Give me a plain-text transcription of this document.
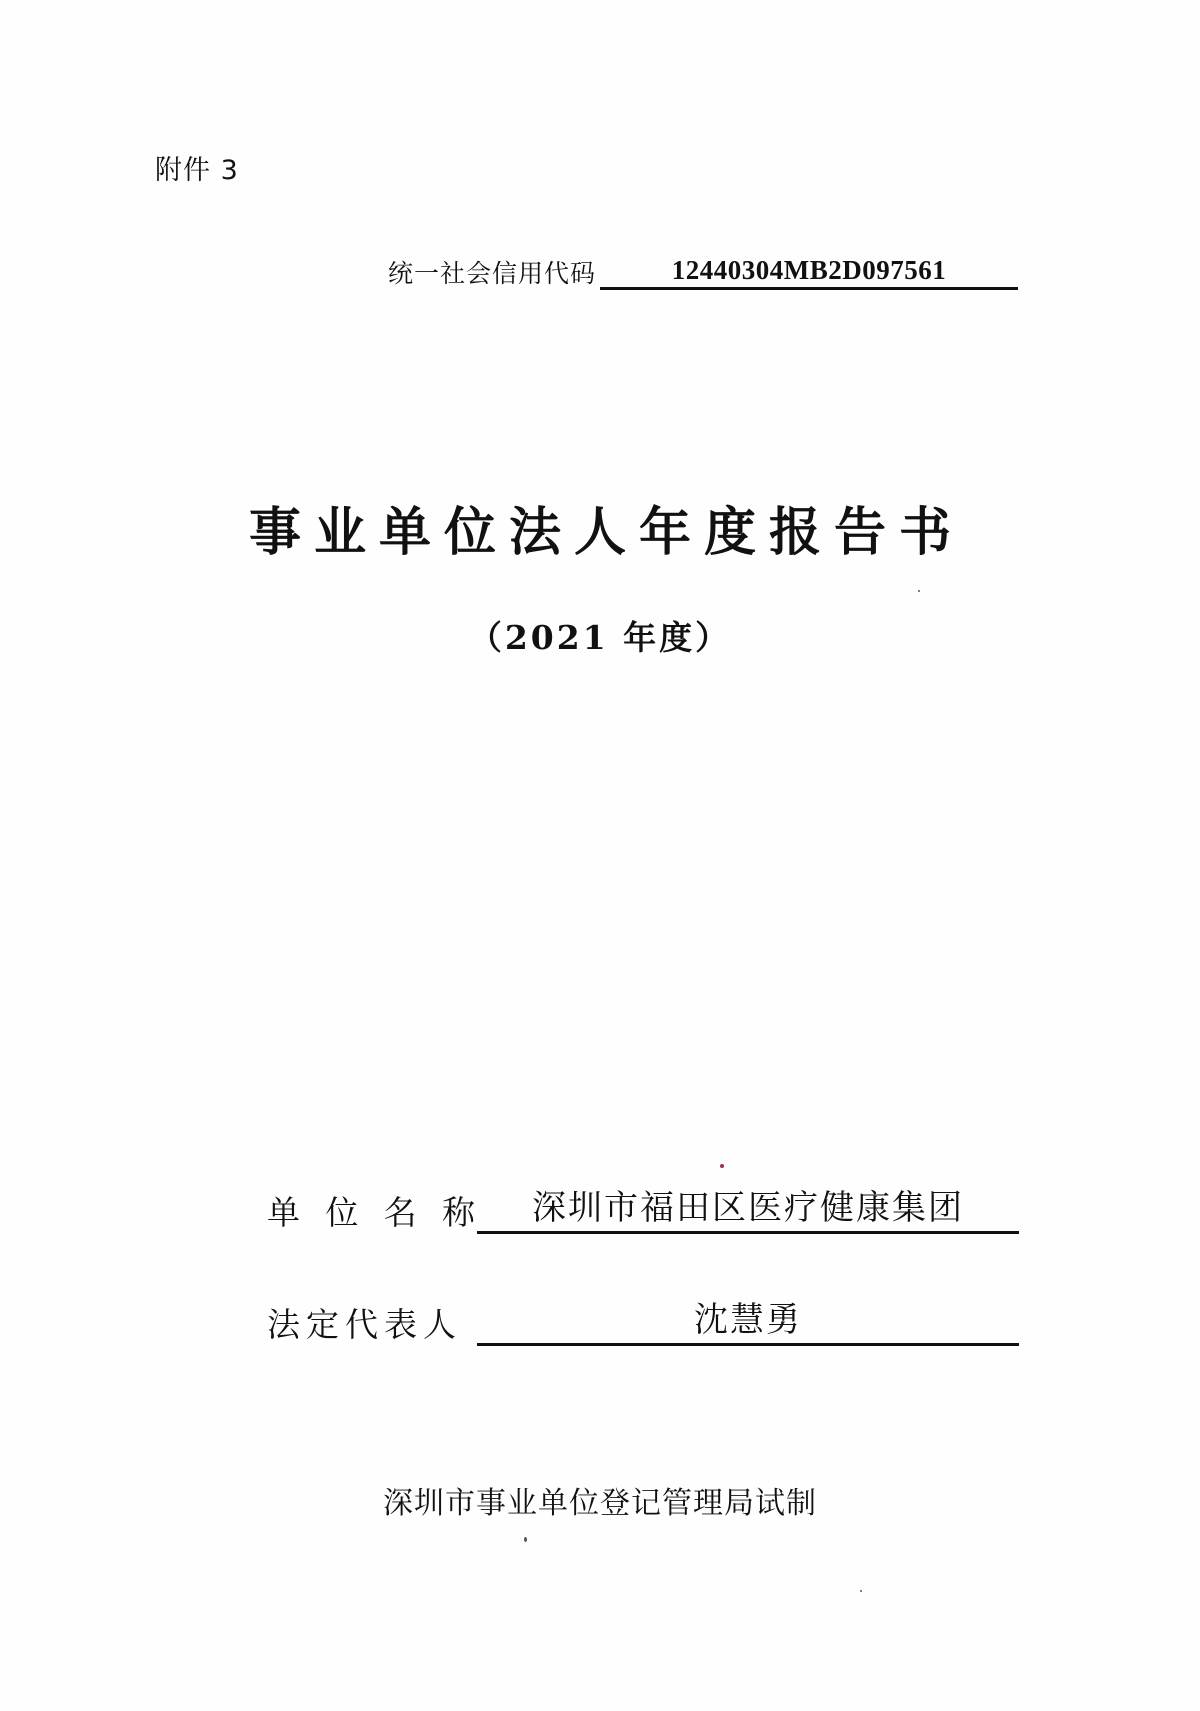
附件 3
统一社会信用代码	12440304MB2D097561
事业单位法人年度报告书
（2021 年度）
单 位 名 称	深圳市福田区医疗健康集团
法定代表人	沈慧勇
深圳市事业单位登记管理局试制
